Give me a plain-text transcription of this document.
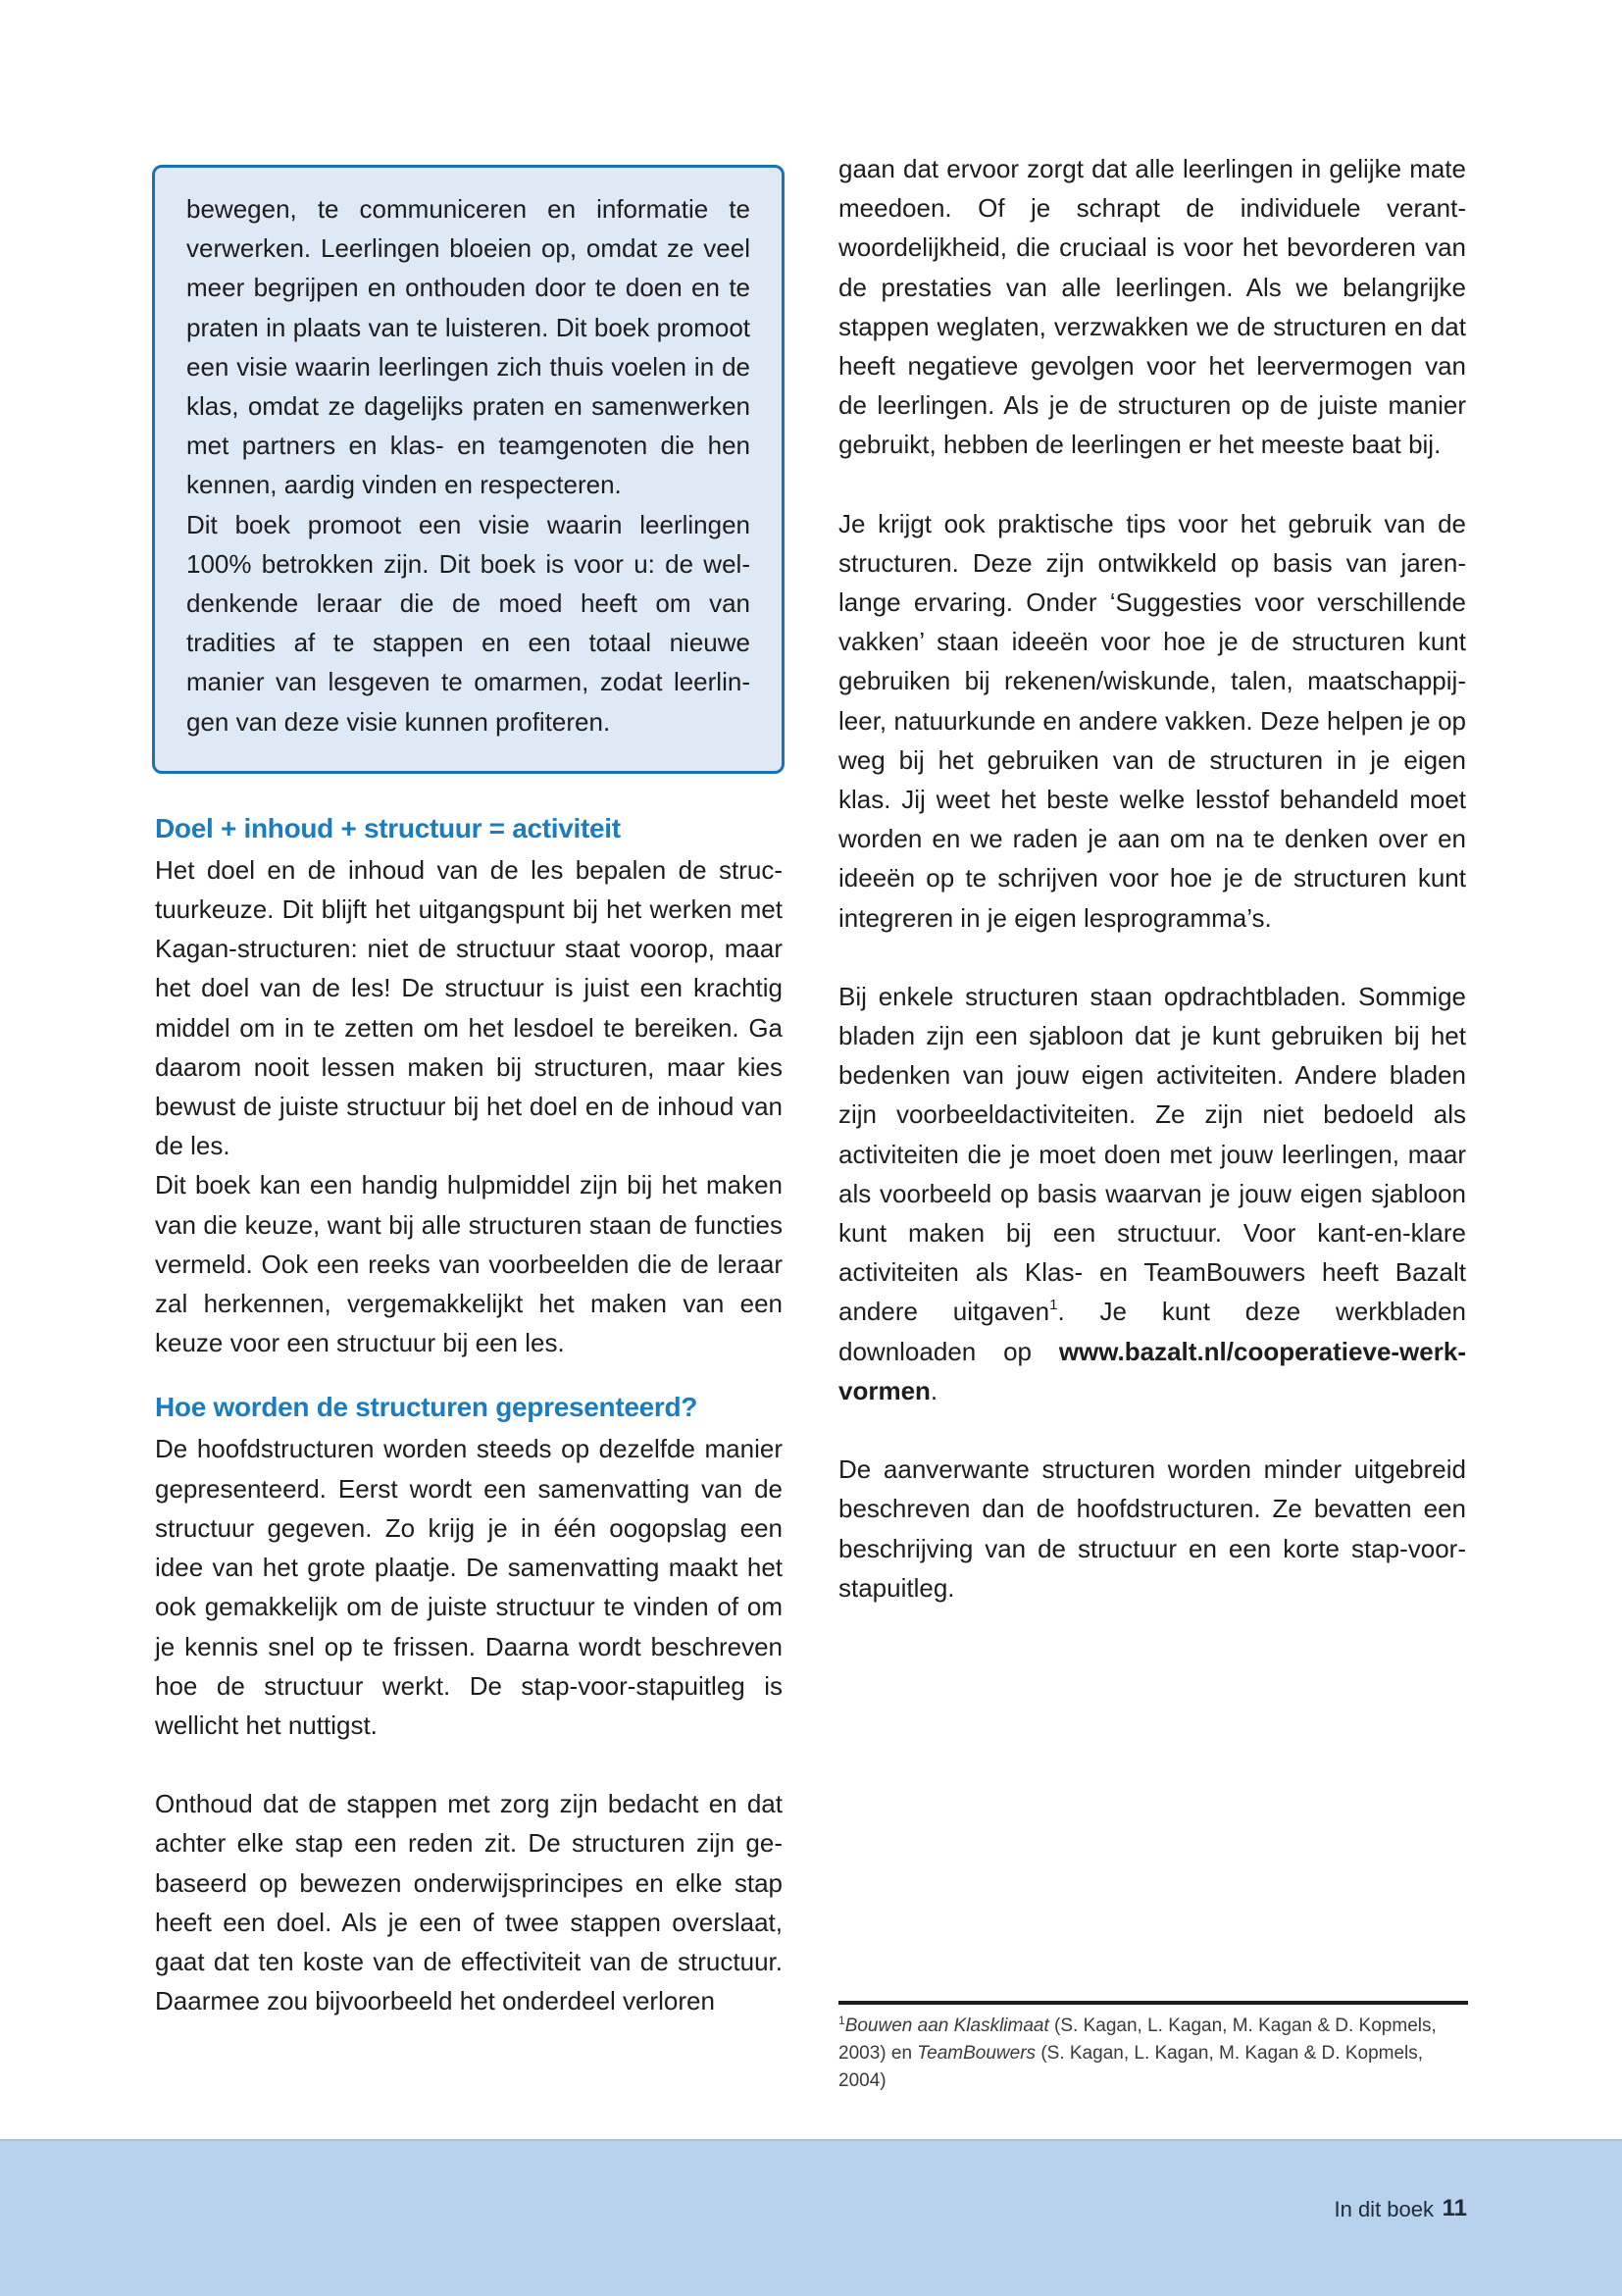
bewegen, te communiceren en informatie te verwerken. Leerlingen bloeien op, omdat ze veel meer begrijpen en onthouden door te doen en te praten in plaats van te luisteren. Dit boek promoot een visie waarin leerlingen zich thuis voelen in de klas, omdat ze dagelijks praten en samenwerken met partners en klas- en teamgenoten die hen kennen, aardig vinden en respecteren.

Dit boek promoot een visie waarin leerlingen 100% betrokken zijn. Dit boek is voor u: de weldenkende leraar die de moed heeft om van tradities af te stappen en een totaal nieuwe manier van lesgeven te omarmen, zodat leerlingen van deze visie kunnen profiteren.

Doel + inhoud + structuur = activiteit

Het doel en de inhoud van de les bepalen de structuurkeuze. Dit blijft het uitgangspunt bij het werken met Kagan-structuren: niet de structuur staat voorop, maar het doel van de les! De structuur is juist een krachtig middel om in te zetten om het lesdoel te bereiken. Ga daarom nooit lessen maken bij structuren, maar kies bewust de juiste structuur bij het doel en de inhoud van de les.

Dit boek kan een handig hulpmiddel zijn bij het maken van die keuze, want bij alle structuren staan de functies vermeld. Ook een reeks van voorbeelden die de leraar zal herkennen, vergemakkelijkt het maken van een keuze voor een structuur bij een les.

Hoe worden de structuren gepresenteerd?

De hoofdstructuren worden steeds op dezelfde manier gepresenteerd. Eerst wordt een samenvatting van de structuur gegeven. Zo krijg je in één oogopslag een idee van het grote plaatje. De samenvatting maakt het ook gemakkelijk om de juiste structuur te vinden of om je kennis snel op te frissen. Daarna wordt beschreven hoe de structuur werkt. De stap-voor-stapuitleg is wellicht het nuttigst.

Onthoud dat de stappen met zorg zijn bedacht en dat achter elke stap een reden zit. De structuren zijn gebaseerd op bewezen onderwijsprincipes en elke stap heeft een doel. Als je een of twee stappen overslaat, gaat dat ten koste van de effectiviteit van de structuur. Daarmee zou bijvoorbeeld het onderdeel verloren

gaan dat ervoor zorgt dat alle leerlingen in gelijke mate meedoen. Of je schrapt de individuele verantwoordelijkheid, die cruciaal is voor het bevorderen van de prestaties van alle leerlingen. Als we belangrijke stappen weglaten, verzwakken we de structuren en dat heeft negatieve gevolgen voor het leervermogen van de leerlingen. Als je de structuren op de juiste manier gebruikt, hebben de leerlingen er het meeste baat bij.

Je krijgt ook praktische tips voor het gebruik van de structuren. Deze zijn ontwikkeld op basis van jarenlange ervaring. Onder ‘Suggesties voor verschillende vakken’ staan ideeën voor hoe je de structuren kunt gebruiken bij rekenen/wiskunde, talen, maatschappijleer, natuurkunde en andere vakken. Deze helpen je op weg bij het gebruiken van de structuren in je eigen klas. Jij weet het beste welke lesstof behandeld moet worden en we raden je aan om na te denken over en ideeën op te schrijven voor hoe je de structuren kunt integreren in je eigen lesprogramma’s.

Bij enkele structuren staan opdrachtbladen. Sommige bladen zijn een sjabloon dat je kunt gebruiken bij het bedenken van jouw eigen activiteiten. Andere bladen zijn voorbeeldactiviteiten. Ze zijn niet bedoeld als activiteiten die je moet doen met jouw leerlingen, maar als voorbeeld op basis waarvan je jouw eigen sjabloon kunt maken bij een structuur. Voor kant-en-klare activiteiten als Klas- en TeamBouwers heeft Bazalt andere uitgaven$^1$. Je kunt deze werkbladen downloaden op www.bazalt.nl/cooperatieve-werkvormen.

De aanverwante structuren worden minder uitgebreid beschreven dan de hoofdstructuren. Ze bevatten een beschrijving van de structuur en een korte stap-voor-stapuitleg.

$^1$Bouwen aan Klasklimaat (S. Kagan, L. Kagan, M. Kagan & D. Kopmels, 2003) en TeamBouwers (S. Kagan, L. Kagan, M. Kagan & D. Kopmels, 2004)
In dit boek 11
